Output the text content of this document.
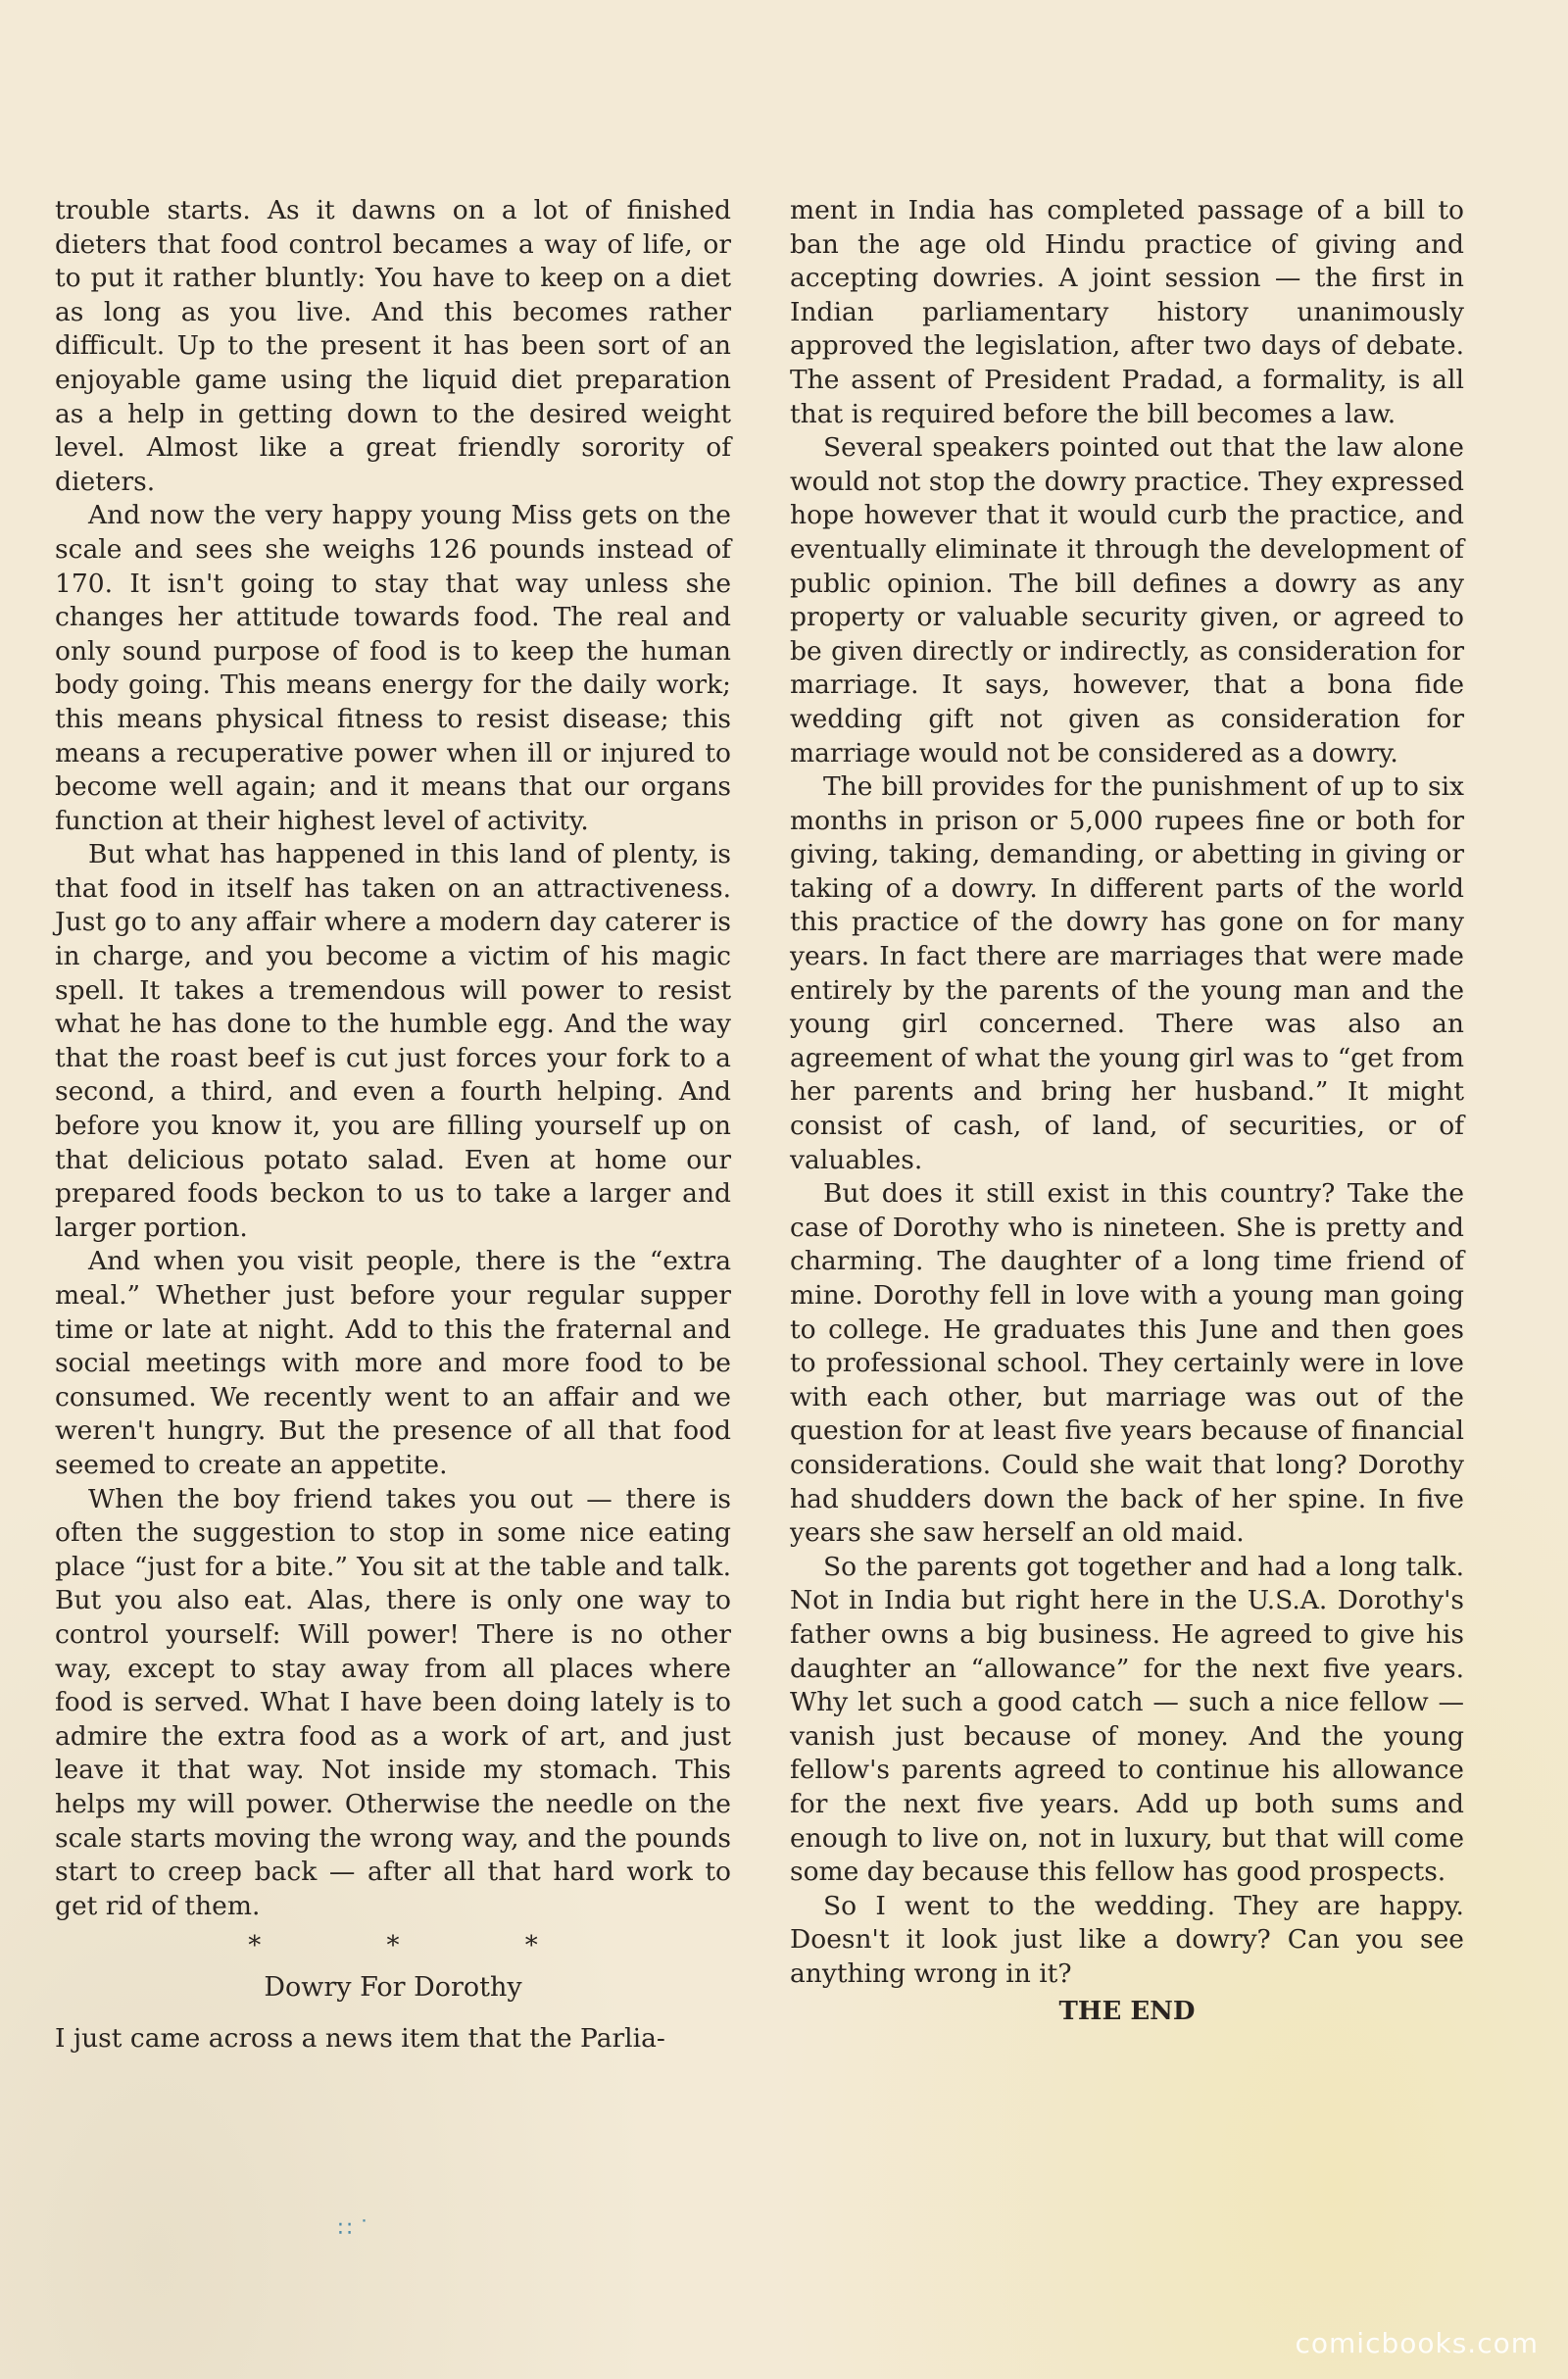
trouble starts. As it dawns on a lot of finished dieters that food control becames a way of life, or to put it rather bluntly: You have to keep on a diet as long as you live. And this becomes rather difficult. Up to the present it has been sort of an enjoyable game using the liquid diet preparation as a help in getting down to the desired weight level. Almost like a great friendly sorority of dieters.

And now the very happy young Miss gets on the scale and sees she weighs 126 pounds instead of 170. It isn't going to stay that way unless she changes her attitude towards food. The real and only sound purpose of food is to keep the human body going. This means energy for the daily work; this means physical fitness to resist disease; this means a recuperative power when ill or injured to become well again; and it means that our organs function at their highest level of activity.

But what has happened in this land of plenty, is that food in itself has taken on an attractiveness. Just go to any affair where a modern day caterer is in charge, and you become a victim of his magic spell. It takes a tremendous will power to resist what he has done to the humble egg. And the way that the roast beef is cut just forces your fork to a second, a third, and even a fourth helping. And before you know it, you are filling yourself up on that delicious potato salad. Even at home our prepared foods beckon to us to take a larger and larger portion.

And when you visit people, there is the “extra meal.” Whether just before your regular supper time or late at night. Add to this the fraternal and social meetings with more and more food to be consumed. We recently went to an affair and we weren't hungry. But the presence of all that food seemed to create an appetite.

When the boy friend takes you out — there is often the suggestion to stop in some nice eating place “just for a bite.” You sit at the table and talk. But you also eat. Alas, there is only one way to control yourself: Will power! There is no other way, except to stay away from all places where food is served. What I have been doing lately is to admire the extra food as a work of art, and just leave it that way. Not inside my stomach. This helps my will power. Otherwise the needle on the scale starts moving the wrong way, and the pounds start to creep back — after all that hard work to get rid of them.

* * *
Dowry For Dorothy

I just came across a news item that the Parlia-

ment in India has completed passage of a bill to ban the age old Hindu practice of giving and accepting dowries. A joint session — the first in Indian parliamentary history unanimously approved the legislation, after two days of debate. The assent of President Pradad, a formality, is all that is required before the bill becomes a law.

Several speakers pointed out that the law alone would not stop the dowry practice. They expressed hope however that it would curb the practice, and eventually eliminate it through the development of public opinion. The bill defines a dowry as any property or valuable security given, or agreed to be given directly or indirectly, as consideration for marriage. It says, however, that a bona fide wedding gift not given as consideration for marriage would not be considered as a dowry.

The bill provides for the punishment of up to six months in prison or 5,000 rupees fine or both for giving, taking, demanding, or abetting in giving or taking of a dowry. In different parts of the world this practice of the dowry has gone on for many years. In fact there are marriages that were made entirely by the parents of the young man and the young girl concerned. There was also an agreement of what the young girl was to “get from her parents and bring her husband.” It might consist of cash, of land, of securities, or of valuables.

But does it still exist in this country? Take the case of Dorothy who is nineteen. She is pretty and charming. The daughter of a long time friend of mine. Dorothy fell in love with a young man going to college. He graduates this June and then goes to professional school. They certainly were in love with each other, but marriage was out of the question for at least five years because of financial considerations. Could she wait that long? Dorothy had shudders down the back of her spine. In five years she saw herself an old maid.

So the parents got together and had a long talk. Not in India but right here in the U.S.A. Dorothy's father owns a big business. He agreed to give his daughter an “allowance” for the next five years. Why let such a good catch — such a nice fellow — vanish just because of money. And the young fellow's parents agreed to continue his allowance for the next five years. Add up both sums and enough to live on, not in luxury, but that will come some day because this fellow has good prospects.

So I went to the wedding. They are happy. Doesn't it look just like a dowry? Can you see anything wrong in it?

THE END
∷ ˙
comicbooks.com
